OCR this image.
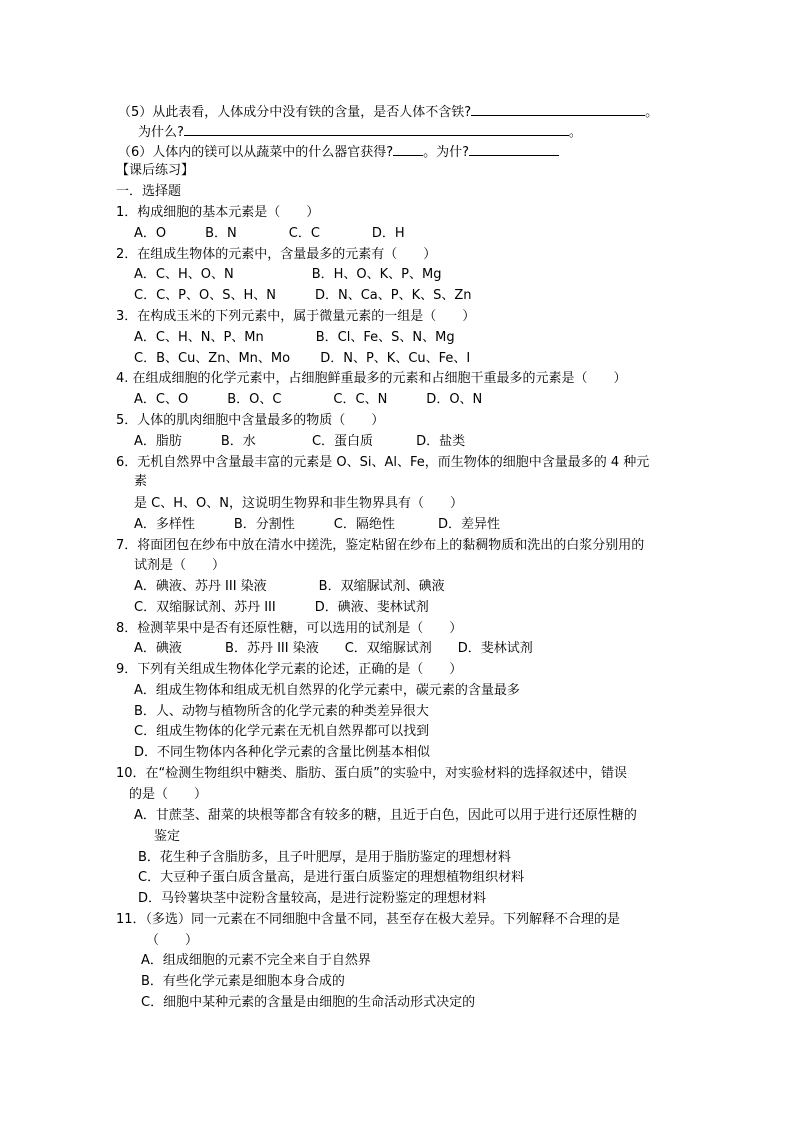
（5）从此表看，人体成分中没有铁的含量，是否人体不含铁?	。
为什么?	。
（6）人体内的镁可以从蔬菜中的什么器官获得? 。为什?
【课后练习】
一．选择题
1．构成细胞的基本元素是（　　）
A．O　　　B．N　　　　C．C　　　　D．H
2．在组成生物体的元素中，含量最多的元素有（　　）
A．C、H、O、N　　　　　　B．H、O、K、P、Mg
C．C、P、O、S、H、N　　　D．N、Ca、P、K、S、Zn
3．在构成玉米的下列元素中，属于微量元素的一组是（　　）
A．C、H、N、P、Mn　　　　B．Cl、Fe、S、N、Mg
C．B、Cu、Zn、Mn、Mo　　 D．N、P、K、Cu、Fe、I
4. 在组成细胞的化学元素中，占细胞鲜重最多的元素和占细胞干重最多的元素是（　　）
A．C、O　　　B．O、C　　　　C．C、N　　　D．O、N
5．人体的肌肉细胞中含量最多的物质（　　）
A．脂肪　　　B．水　　　　 C．蛋白质　　　 D．盐类
6．无机自然界中含量最丰富的元素是 O、Si、Al、Fe，而生物体的细胞中含量最多的 4 种元
素
是 C、H、O、N，这说明生物界和非生物界具有（　　）
A．多样性　　　B．分割性　　　C．隔绝性　　　 D．差异性
7．将面团包在纱布中放在清水中搓洗，鉴定粘留在纱布上的黏稠物质和洗出的白浆分别用的
试剂是（　　）
A．碘液、苏丹 III 染液　　　　B．双缩脲试剂、碘液
C．双缩脲试剂、苏丹 III　　　D．碘液、斐林试剂
8．检测苹果中是否有还原性糖，可以选用的试剂是（　　）
A．碘液　　　 B．苏丹 III 染液　　C．双缩脲试剂　　D．斐林试剂
9．下列有关组成生物体化学元素的论述，正确的是（　　）
A．组成生物体和组成无机自然界的化学元素中，碳元素的含量最多
B．人、动物与植物所含的化学元素的种类差异很大
C．组成生物体的化学元素在无机自然界都可以找到
D．不同生物体内各种化学元素的含量比例基本相似
10．在“检测生物组织中糖类、脂肪、蛋白质”的实验中，对实验材料的选择叙述中，错误
的是（　　）
A．甘蔗茎、甜菜的块根等都含有较多的糖，且近于白色，因此可以用于进行还原性糖的
鉴定
B．花生种子含脂肪多，且子叶肥厚，是用于脂肪鉴定的理想材料
C．大豆种子蛋白质含量高，是进行蛋白质鉴定的理想植物组织材料
D．马铃薯块茎中淀粉含量较高，是进行淀粉鉴定的理想材料
11．（多选）同一元素在不同细胞中含量不同，甚至存在极大差异。下列解释不合理的是
（　　）
A．组成细胞的元素不完全来自于自然界
B．有些化学元素是细胞本身合成的
C．细胞中某种元素的含量是由细胞的生命活动形式决定的
